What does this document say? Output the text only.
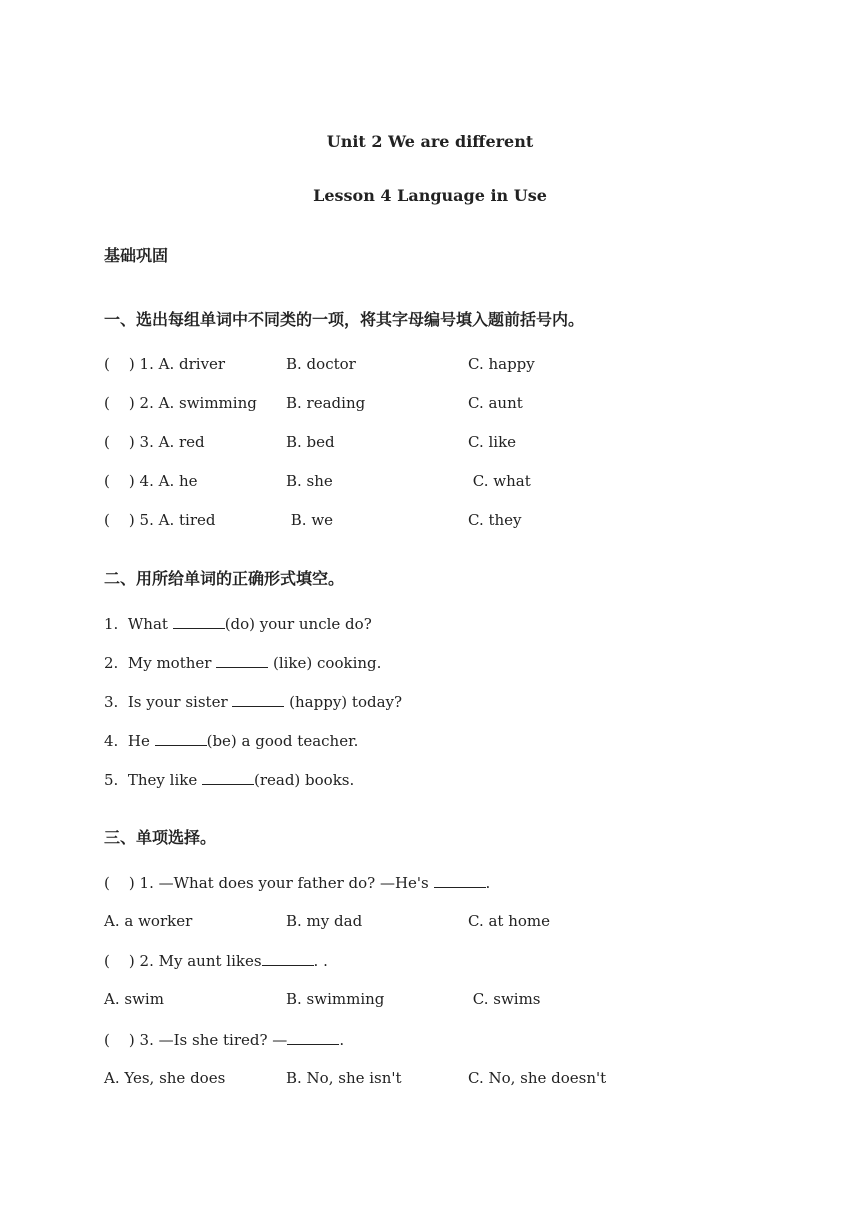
Unit 2 We are different
Lesson 4 Language in Use
基础巩固
一、选出每组单词中不同类的一项，将其字母编号填入题前括号内。
(    ) 1. A. driver	B. doctor	C. happy
(    ) 2. A. swimming B. reading	C. aunt
(    ) 3. A. red	B. bed	C. like
(    ) 4. A. he	B. she	C. what
(    ) 5. A. tired	B. we	C. they
二、用所给单词的正确形式填空。
1. What	(do) your uncle do?
2. My mother	(like) cooking.
3. Is your sister	(happy) today?
4. He	(be) a good teacher.
5. They like	(read) books.
三、单项选择。
(    ) 1. —What does your father do? —He's	.
A. a worker	B. my dad	C. at home
(    ) 2. My aunt likes	. .
A. swim	B. swimming	C. swims
(    ) 3. —Is she tired? —	.
A. Yes, she does	B. No, she isn't	C. No, she doesn't
